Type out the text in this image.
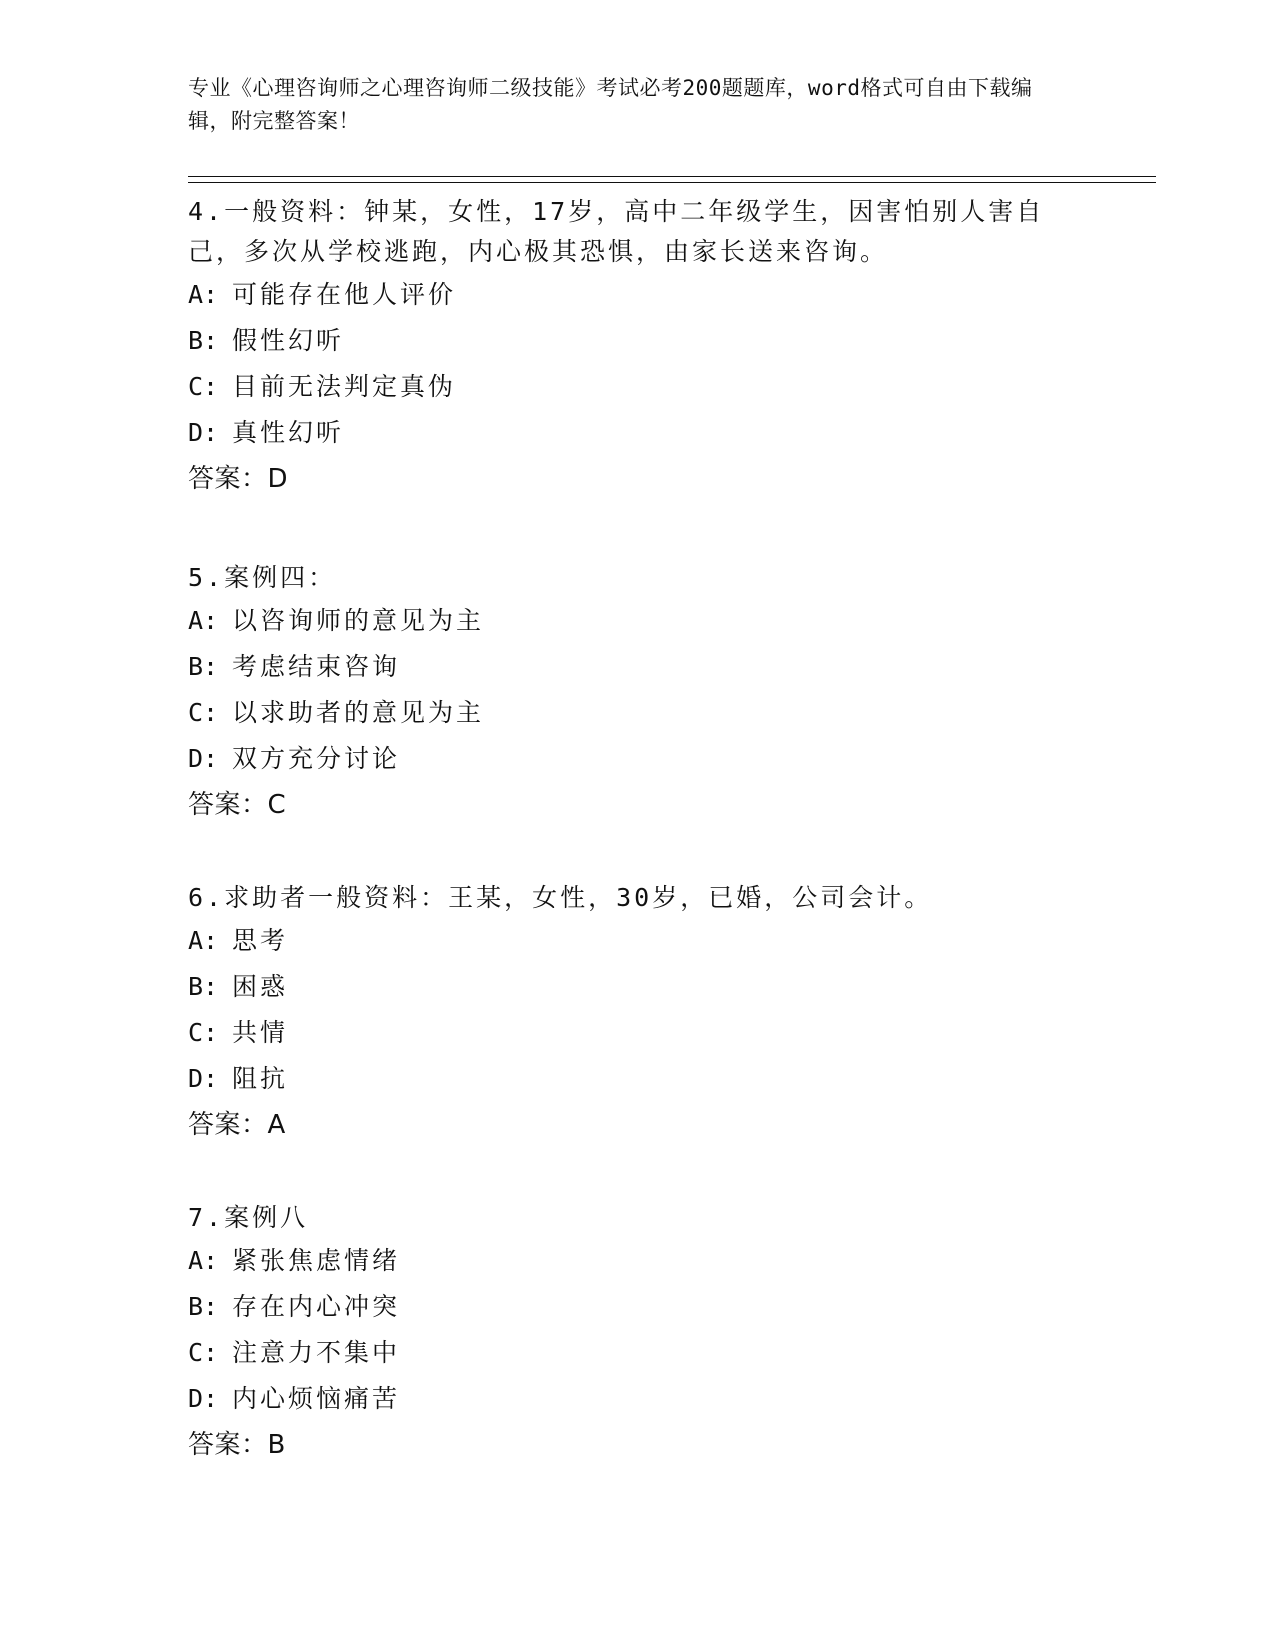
专业《心理咨询师之心理咨询师二级技能》考试必考200题题库，word格式可自由下载编辑，附完整答案！

4.一般资料：钟某，女性，17岁，高中二年级学生，因害怕别人害自己，多次从学校逃跑，内心极其恐惧，由家长送来咨询。

A: 可能存在他人评价
B: 假性幻听
C: 目前无法判定真伪
D: 真性幻听

答案：D

5.案例四：

A: 以咨询师的意见为主
B: 考虑结束咨询
C: 以求助者的意见为主
D: 双方充分讨论

答案：C

6.求助者一般资料：王某，女性，30岁，已婚，公司会计。

A: 思考
B: 困惑
C: 共情
D: 阻抗

答案：A

7.案例八

A: 紧张焦虑情绪
B: 存在内心冲突
C: 注意力不集中
D: 内心烦恼痛苦

答案：B
